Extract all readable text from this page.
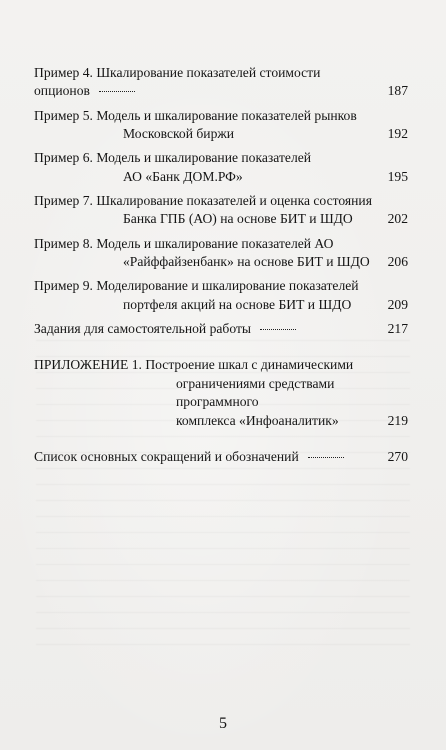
Пример 4. Шкалирование показателей стоимости опционов	187
Пример 5. Модель и шкалирование показателей рынков
Московской биржи	192
Пример 6. Модель и шкалирование показателей
АО «Банк ДОМ.РФ»	195
Пример 7. Шкалирование показателей и оценка состояния
Банка ГПБ (АО) на основе БИТ и ШДО	202
Пример 8. Модель и шкалирование показателей АО
«Райффайзенбанк» на основе БИТ и ШДО	206
Пример 9. Моделирование и шкалирование показателей
портфеля акций на основе БИТ и ШДО	209
Задания для самостоятельной работы	217
ПРИЛОЖЕНИЕ 1. Построение шкал с динамическими
ограничениями средствами программного
комплекса «Инфоаналитик»	219
Список основных сокращений и обозначений	270
5
